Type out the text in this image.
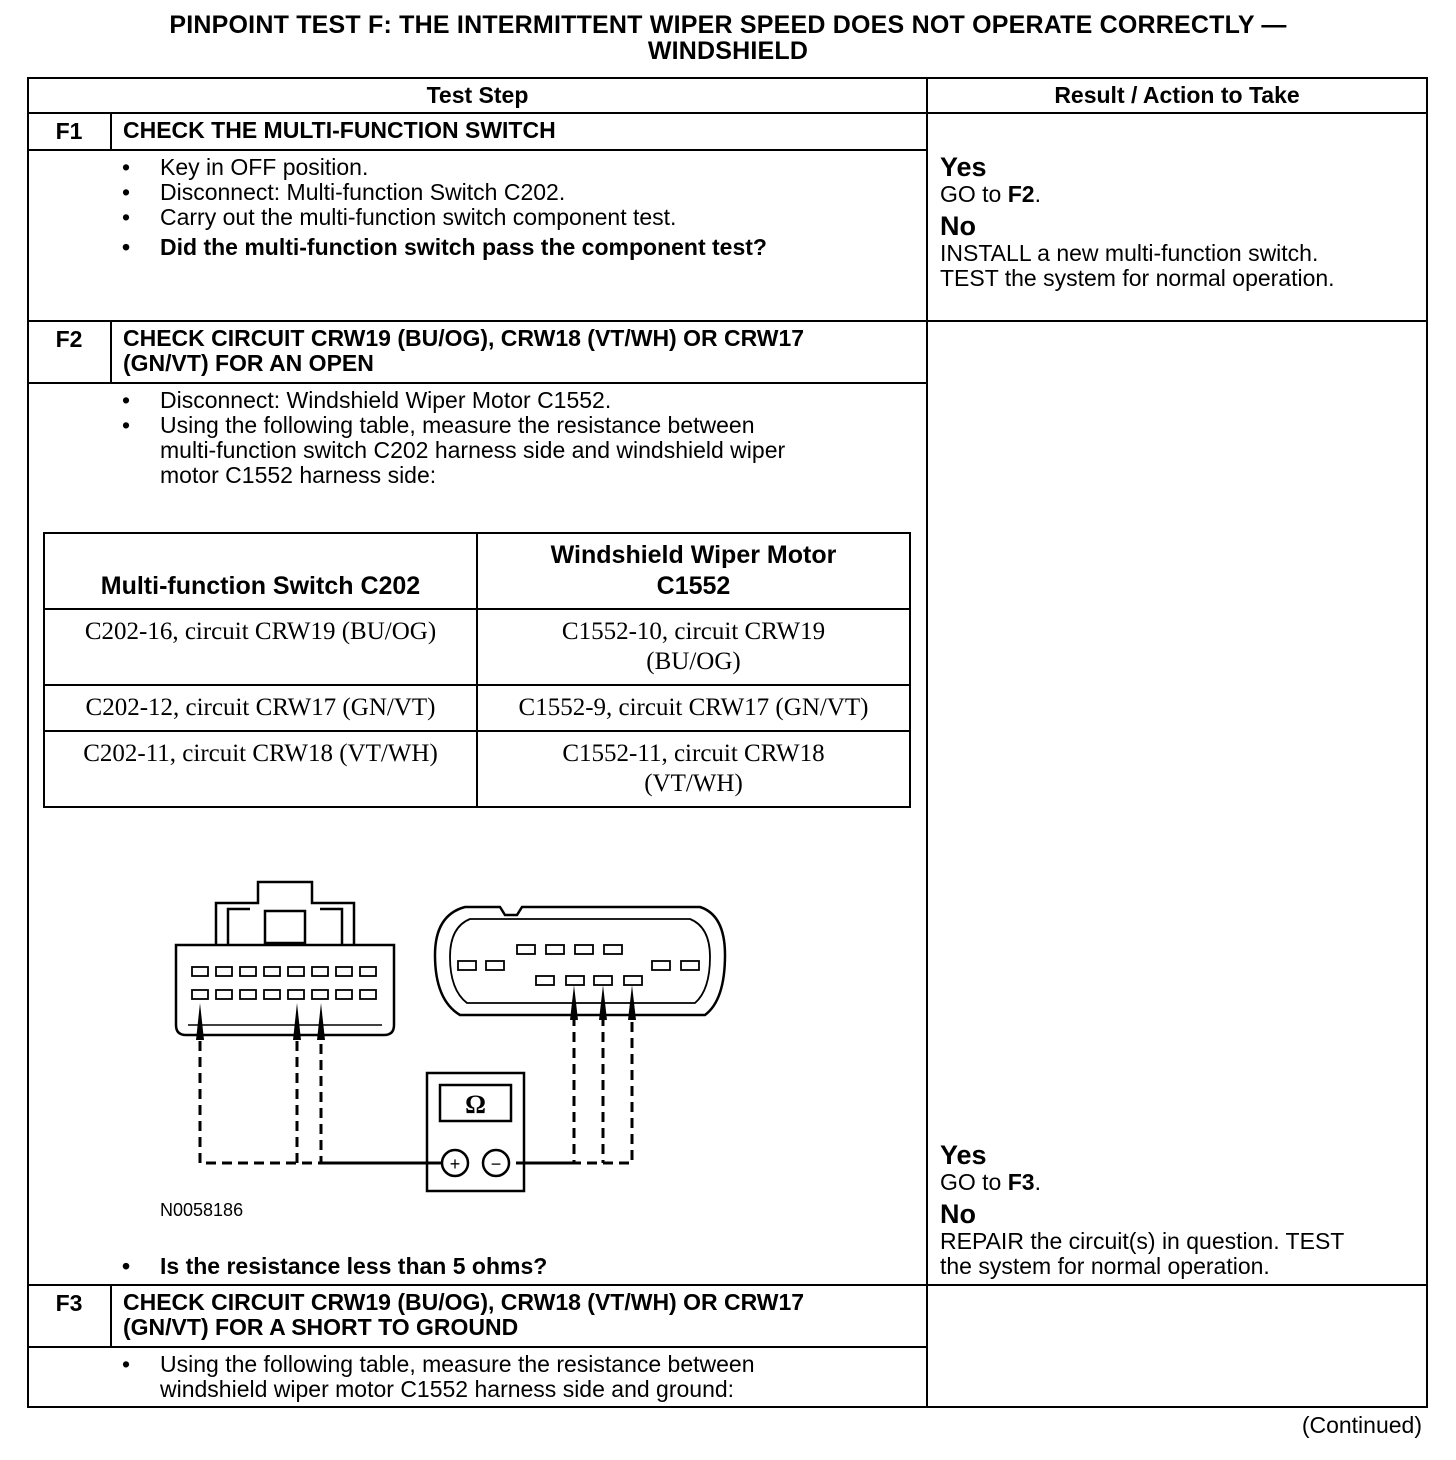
PINPOINT TEST F: THE INTERMITTENT WIPER SPEED DOES NOT OPERATE CORRECTLY —
WINDSHIELD
Test Step	Result / Action to Take
F1	CHECK THE MULTI-FUNCTION SWITCH
• Key in OFF position.
• Disconnect: Multi-function Switch C202.
• Carry out the multi-function switch component test.
• Did the multi-function switch pass the component test?
Yes
GO to F2.
No
INSTALL a new multi-function switch.
TEST the system for normal operation.
F2	CHECK CIRCUIT CRW19 (BU/OG), CRW18 (VT/WH) OR CRW17
(GN/VT) FOR AN OPEN
• Disconnect: Windshield Wiper Motor C1552.
• Using the following table, measure the resistance between
multi-function switch C202 harness side and windshield wiper
motor C1552 harness side:
Multi-function Switch C202	Windshield Wiper Motor
C1552

C202-16, circuit CRW19 (BU/OG)	C1552-10, circuit CRW19
(BU/OG)

C202-12, circuit CRW17 (GN/VT)	C1552-9, circuit CRW17 (GN/VT)
C202-11, circuit CRW18 (VT/WH)	C1552-11, circuit CRW18
(VT/WH)
Ω
+ −
N0058186
• Is the resistance less than 5 ohms?
Yes
GO to F3.
No
REPAIR the circuit(s) in question. TEST
the system for normal operation.
F3	CHECK CIRCUIT CRW19 (BU/OG), CRW18 (VT/WH) OR CRW17
(GN/VT) FOR A SHORT TO GROUND
• Using the following table, measure the resistance between
windshield wiper motor C1552 harness side and ground:
(Continued)
